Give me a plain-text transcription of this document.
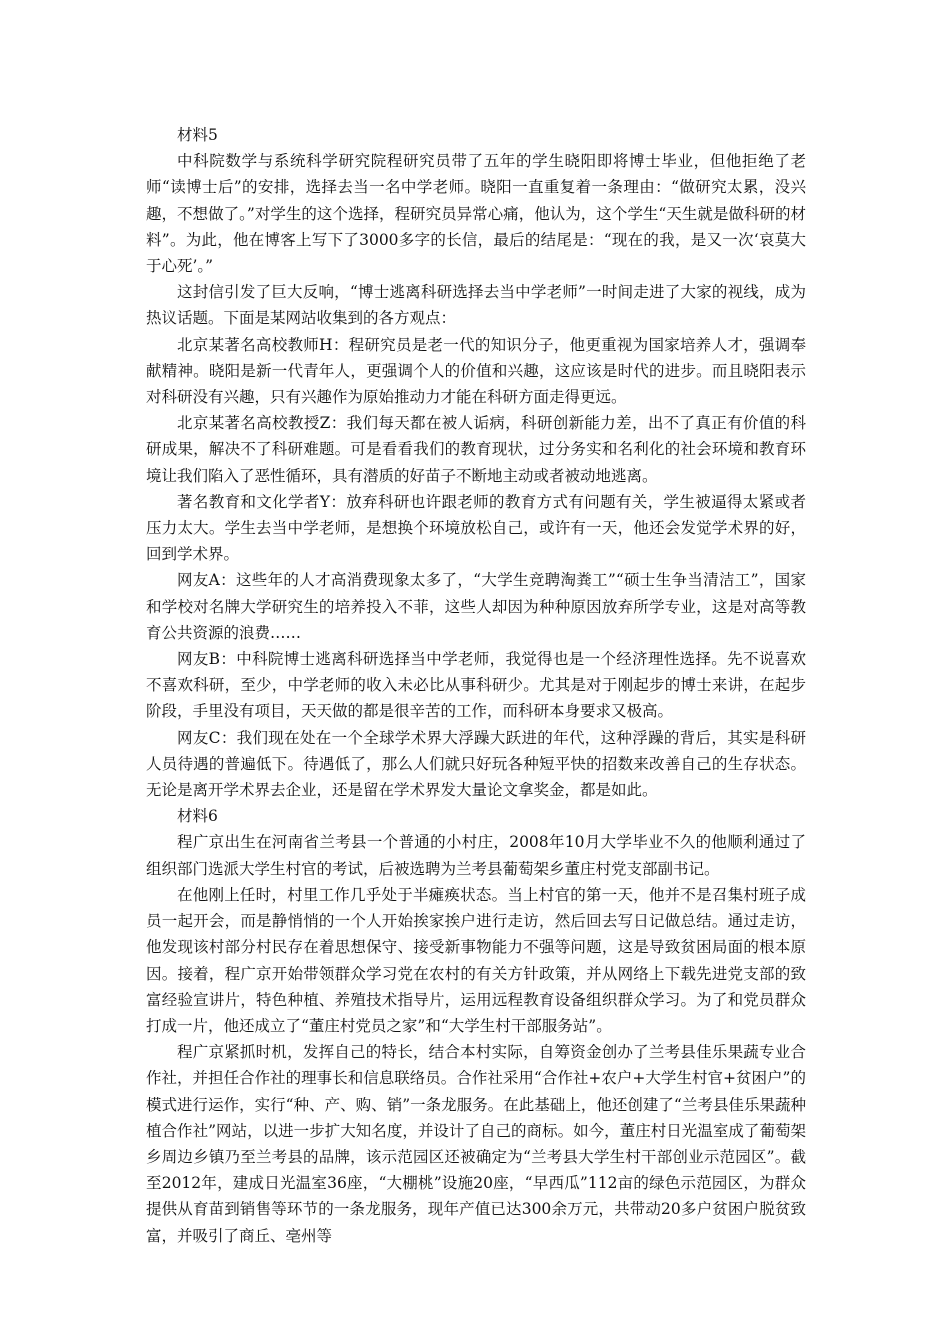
材料5

中科院数学与系统科学研究院程研究员带了五年的学生晓阳即将博士毕业，但他拒绝了老师“读博士后”的安排，选择去当一名中学老师。晓阳一直重复着一条理由：“做研究太累，没兴趣，不想做了。”对学生的这个选择，程研究员异常心痛，他认为，这个学生“天生就是做科研的材料”。为此，他在博客上写下了3000多字的长信，最后的结尾是：“现在的我，是又一次‘哀莫大于心死’。”

这封信引发了巨大反响，“博士逃离科研选择去当中学老师”一时间走进了大家的视线，成为热议话题。下面是某网站收集到的各方观点：

北京某著名高校教师H：程研究员是老一代的知识分子，他更重视为国家培养人才，强调奉献精神。晓阳是新一代青年人，更强调个人的价值和兴趣，这应该是时代的进步。而且晓阳表示对科研没有兴趣，只有兴趣作为原始推动力才能在科研方面走得更远。

北京某著名高校教授Z：我们每天都在被人诟病，科研创新能力差，出不了真正有价值的科研成果，解决不了科研难题。可是看看我们的教育现状，过分务实和名利化的社会环境和教育环境让我们陷入了恶性循环，具有潜质的好苗子不断地主动或者被动地逃离。

著名教育和文化学者Y：放弃科研也许跟老师的教育方式有问题有关，学生被逼得太紧或者压力太大。学生去当中学老师，是想换个环境放松自己，或许有一天，他还会发觉学术界的好，回到学术界。

网友A：这些年的人才高消费现象太多了，“大学生竞聘淘粪工”“硕士生争当清洁工”，国家和学校对名牌大学研究生的培养投入不菲，这些人却因为种种原因放弃所学专业，这是对高等教育公共资源的浪费……

网友B：中科院博士逃离科研选择当中学老师，我觉得也是一个经济理性选择。先不说喜欢不喜欢科研，至少，中学老师的收入未必比从事科研少。尤其是对于刚起步的博士来讲，在起步阶段，手里没有项目，天天做的都是很辛苦的工作，而科研本身要求又极高。

网友C：我们现在处在一个全球学术界大浮躁大跃进的年代，这种浮躁的背后，其实是科研人员待遇的普遍低下。待遇低了，那么人们就只好玩各种短平快的招数来改善自己的生存状态。无论是离开学术界去企业，还是留在学术界发大量论文拿奖金，都是如此。

材料6

程广京出生在河南省兰考县一个普通的小村庄，2008年10月大学毕业不久的他顺利通过了组织部门选派大学生村官的考试，后被选聘为兰考县葡萄架乡董庄村党支部副书记。

在他刚上任时，村里工作几乎处于半瘫痪状态。当上村官的第一天，他并不是召集村班子成员一起开会，而是静悄悄的一个人开始挨家挨户进行走访，然后回去写日记做总结。通过走访，他发现该村部分村民存在着思想保守、接受新事物能力不强等问题，这是导致贫困局面的根本原因。接着，程广京开始带领群众学习党在农村的有关方针政策，并从网络上下载先进党支部的致富经验宣讲片，特色种植、养殖技术指导片，运用远程教育设备组织群众学习。为了和党员群众打成一片，他还成立了“董庄村党员之家”和“大学生村干部服务站”。

程广京紧抓时机，发挥自己的特长，结合本村实际，自筹资金创办了兰考县佳乐果蔬专业合作社，并担任合作社的理事长和信息联络员。合作社采用“合作社+农户+大学生村官+贫困户”的模式进行运作，实行“种、产、购、销”一条龙服务。在此基础上，他还创建了“兰考县佳乐果蔬种植合作社”网站，以进一步扩大知名度，并设计了自己的商标。如今，董庄村日光温室成了葡萄架乡周边乡镇乃至兰考县的品牌，该示范园区还被确定为“兰考县大学生村干部创业示范园区”。截至2012年，建成日光温室36座，“大棚桃”设施20座，“早西瓜”112亩的绿色示范园区，为群众提供从育苗到销售等环节的一条龙服务，现年产值已达300余万元，共带动20多户贫困户脱贫致富，并吸引了商丘、亳州等
